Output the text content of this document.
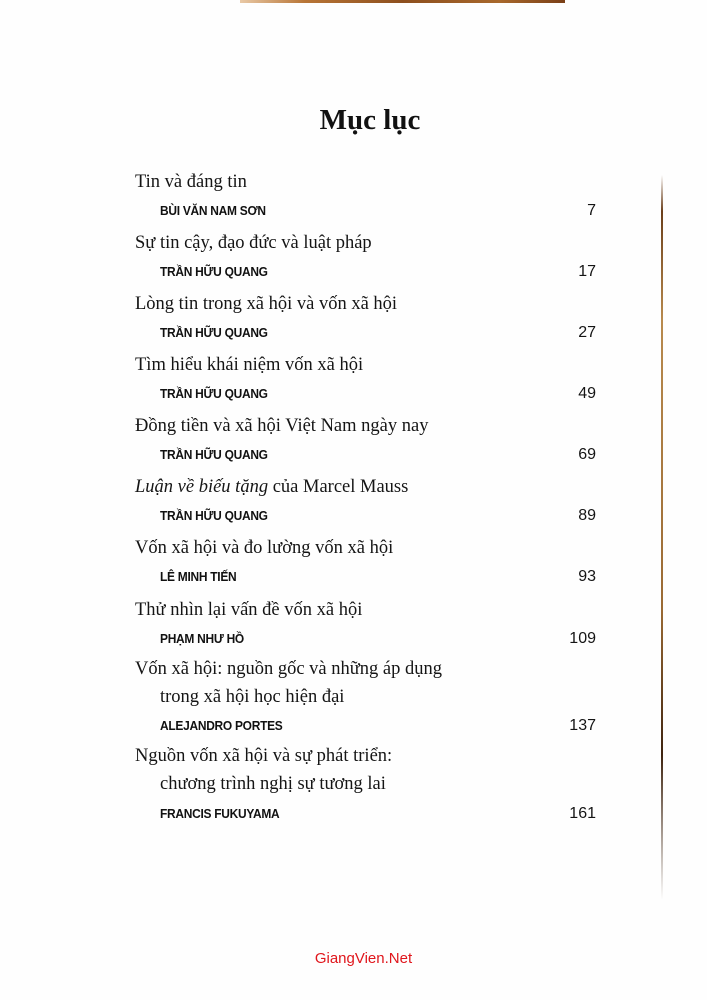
Mục lục
Tin và đáng tin
BÙI VĂN NAM SƠN	7
Sự tin cậy, đạo đức và luật pháp
TRẦN HỮU QUANG	17
Lòng tin trong xã hội và vốn xã hội
TRẦN HỮU QUANG	27
Tìm hiểu khái niệm vốn xã hội
TRẦN HỮU QUANG	49
Đồng tiền và xã hội Việt Nam ngày nay
TRẦN HỮU QUANG	69
Luận về biếu tặng của Marcel Mauss
TRẦN HỮU QUANG	89
Vốn xã hội và đo lường vốn xã hội
LÊ MINH TIẾN	93
Thử nhìn lại vấn đề vốn xã hội
PHẠM NHƯ HỒ	109
Vốn xã hội: nguồn gốc và những áp dụng
trong xã hội học hiện đại
ALEJANDRO PORTES	137
Nguồn vốn xã hội và sự phát triển:
chương trình nghị sự tương lai
FRANCIS FUKUYAMA	161
GiangVien.Net
